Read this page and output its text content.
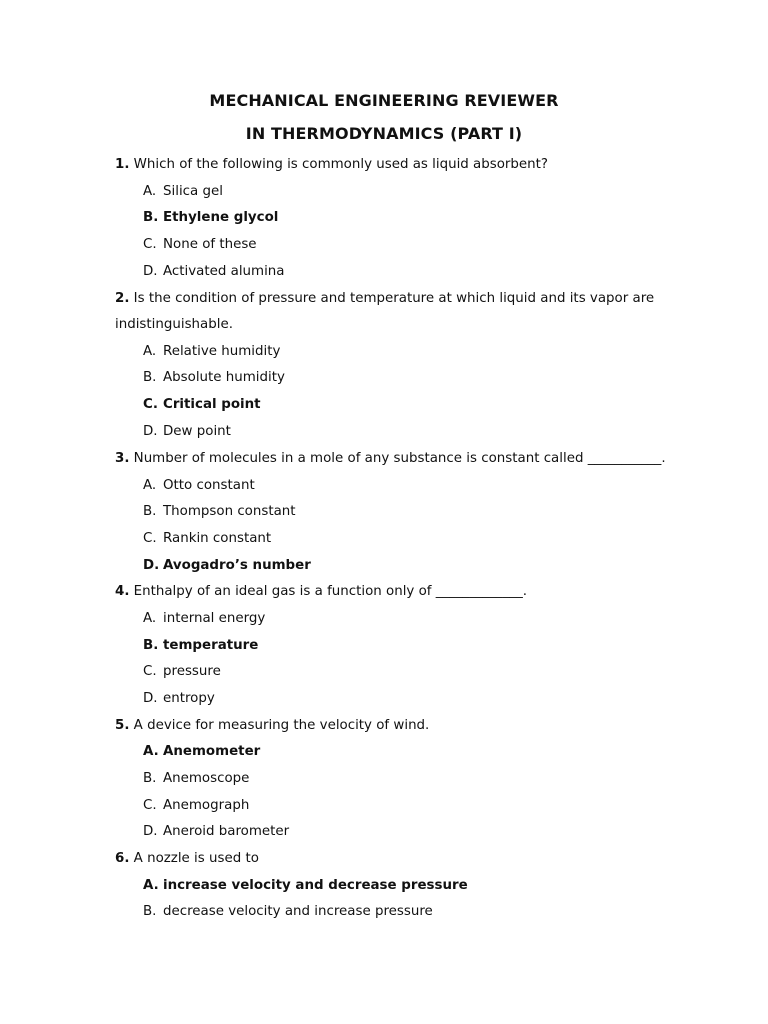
MECHANICAL ENGINEERING REVIEWER
IN THERMODYNAMICS (PART I)
1. Which of the following is commonly used as liquid absorbent?
A. Silica gel
B. Ethylene glycol
C. None of these
D. Activated alumina
2. Is the condition of pressure and temperature at which liquid and its vapor are
indistinguishable.
A. Relative humidity
B. Absolute humidity
C. Critical point
D. Dew point
3. Number of molecules in a mole of any substance is constant called ___________.
A. Otto constant
B. Thompson constant
C. Rankin constant
D. Avogadro’s number
4. Enthalpy of an ideal gas is a function only of _____________.
A. internal energy
B. temperature
C. pressure
D. entropy
5. A device for measuring the velocity of wind.
A. Anemometer
B. Anemoscope
C. Anemograph
D. Aneroid barometer
6. A nozzle is used to
A. increase velocity and decrease pressure
B. decrease velocity and increase pressure
